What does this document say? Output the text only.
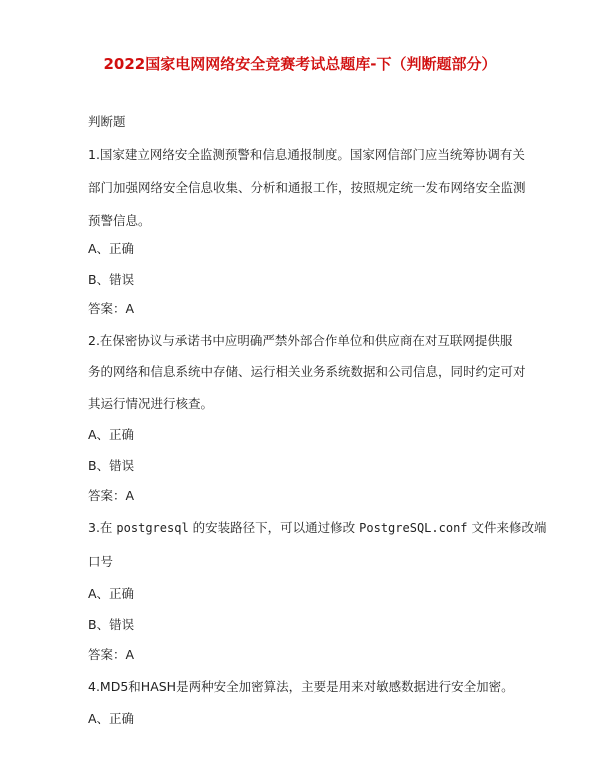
2022国家电网网络安全竞赛考试总题库-下（判断题部分）
判断题
1.国家建立网络安全监测预警和信息通报制度。国家网信部门应当统筹协调有关
部门加强网络安全信息收集、分析和通报工作，按照规定统一发布网络安全监测
预警信息。
A、正确
B、错误
答案：A
2.在保密协议与承诺书中应明确严禁外部合作单位和供应商在对互联网提供服
务的网络和信息系统中存储、运行相关业务系统数据和公司信息，同时约定可对
其运行情况进行核查。
A、正确
B、错误
答案：A
3.在 postgresql 的安装路径下，可以通过修改 PostgreSQL.conf 文件来修改端
口号
A、正确
B、错误
答案：A
4.MD5和HASH是两种安全加密算法，主要是用来对敏感数据进行安全加密。
A、正确
